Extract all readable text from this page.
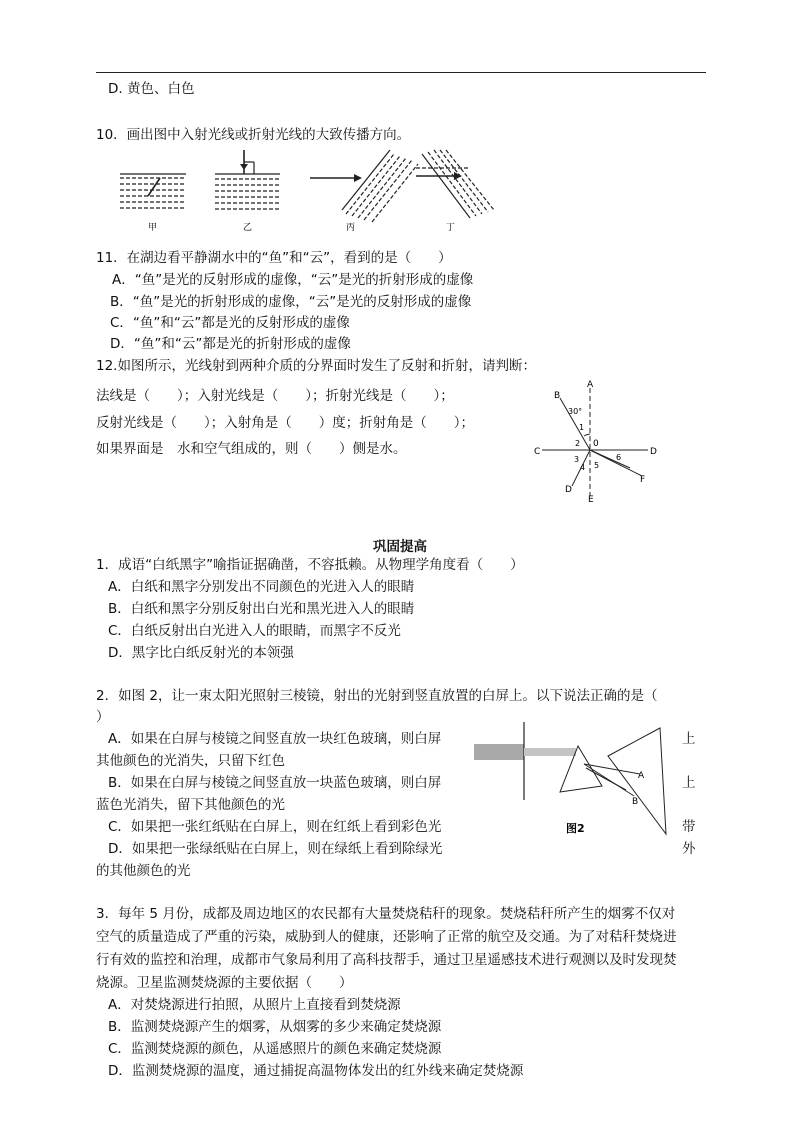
D. 黄色、白色
10．画出图中入射光线或折射光线的大致传播方向。
甲	乙	丙	丁
11．在湖边看平静湖水中的“鱼”和“云”，看到的是（　　）
A．“鱼”是光的反射形成的虚像，“云”是光的折射形成的虚像
B．“鱼”是光的折射形成的虚像，“云”是光的反射形成的虚像
C．“鱼”和“云”都是光的反射形成的虚像
D．“鱼”和“云”都是光的折射形成的虚像
12.如图所示，光线射到两种介质的分界面时发生了反射和折射，请判断：
法线是（　　）；入射光线是（　　）；折射光线是（　　）；
反射光线是（　　）；入射角是（　　）度；折射角是（　　）；
如果界面是　水和空气组成的，则（　　）侧是水。
A
B
C	D
D
E
F
0
30°
1
2
3
4 5
6
巩固提高
1．成语“白纸黑字”喻指证据确凿，不容抵赖。从物理学角度看（　　）
A．白纸和黑字分别发出不同颜色的光进入人的眼睛
B．白纸和黑字分别反射出白光和黑光进入人的眼睛
C．白纸反射出白光进入人的眼睛，而黑字不反光
D．黑字比白纸反射光的本领强
2．如图 2，让一束太阳光照射三棱镜，射出的光射到竖直放置的白屏上。以下说法正确的是（
）
A．如果在白屏与棱镜之间竖直放一块红色玻璃，则白屏	上
其他颜色的光消失，只留下红色
B．如果在白屏与棱镜之间竖直放一块蓝色玻璃，则白屏	上
蓝色光消失，留下其他颜色的光
C．如果把一张红纸贴在白屏上，则在红纸上看到彩色光	带
D．如果把一张绿纸贴在白屏上，则在绿纸上看到除绿光	外
的其他颜色的光
A
B
图2
3．每年 5 月份，成都及周边地区的农民都有大量焚烧秸秆的现象。焚烧秸秆所产生的烟雾不仅对
空气的质量造成了严重的污染，威胁到人的健康，还影响了正常的航空及交通。为了对秸秆焚烧进
行有效的监控和治理，成都市气象局利用了高科技帮手，通过卫星遥感技术进行观测以及时发现焚
烧源。卫星监测焚烧源的主要依据（　　）
A．对焚烧源进行拍照，从照片上直接看到焚烧源
B．监测焚烧源产生的烟雾，从烟雾的多少来确定焚烧源
C．监测焚烧源的颜色，从遥感照片的颜色来确定焚烧源
D．监测焚烧源的温度，通过捕捉高温物体发出的红外线来确定焚烧源
